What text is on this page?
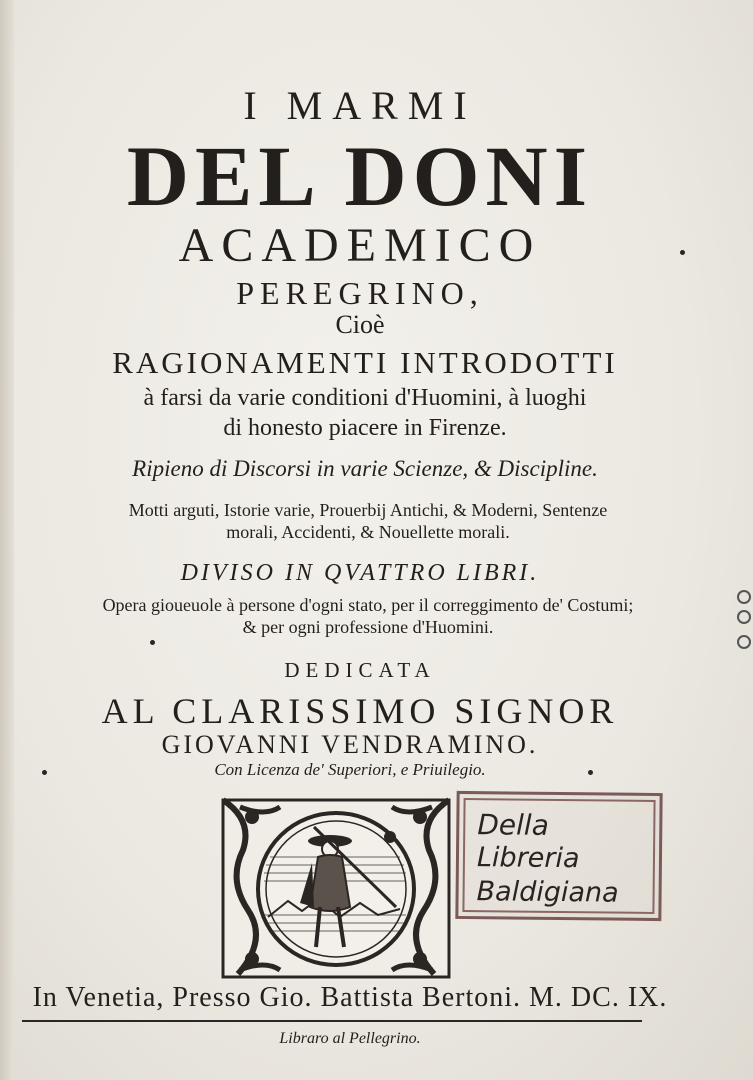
I MARMI
DEL DONI
ACADEMICO
PEREGRINO,
Cioè
RAGIONAMENTI INTRODOTTI
à farsi da varie conditioni d'Huomini, à luoghi
di honesto piacere in Firenze.
Ripieno di Discorsi in varie Scienze, & Discipline.
Motti arguti, Istorie varie, Prouerbij Antichi, & Moderni, Sentenze
morali, Accidenti, & Nouellette morali.
DIVISO IN QVATTRO LIBRI.
Opera gioueuole à persone d'ogni stato, per il correggimento de' Costumi;
& per ogni professione d'Huomini.
DEDICATA
AL CLARISSIMO SIGNOR
GIOVANNI VENDRAMINO.
Con Licenza de' Superiori, e Priuilegio.
Della
Libreria
Baldigiana
In Venetia, Presso Gio. Battista Bertoni. M. DC. IX.
Libraro al Pellegrino.
